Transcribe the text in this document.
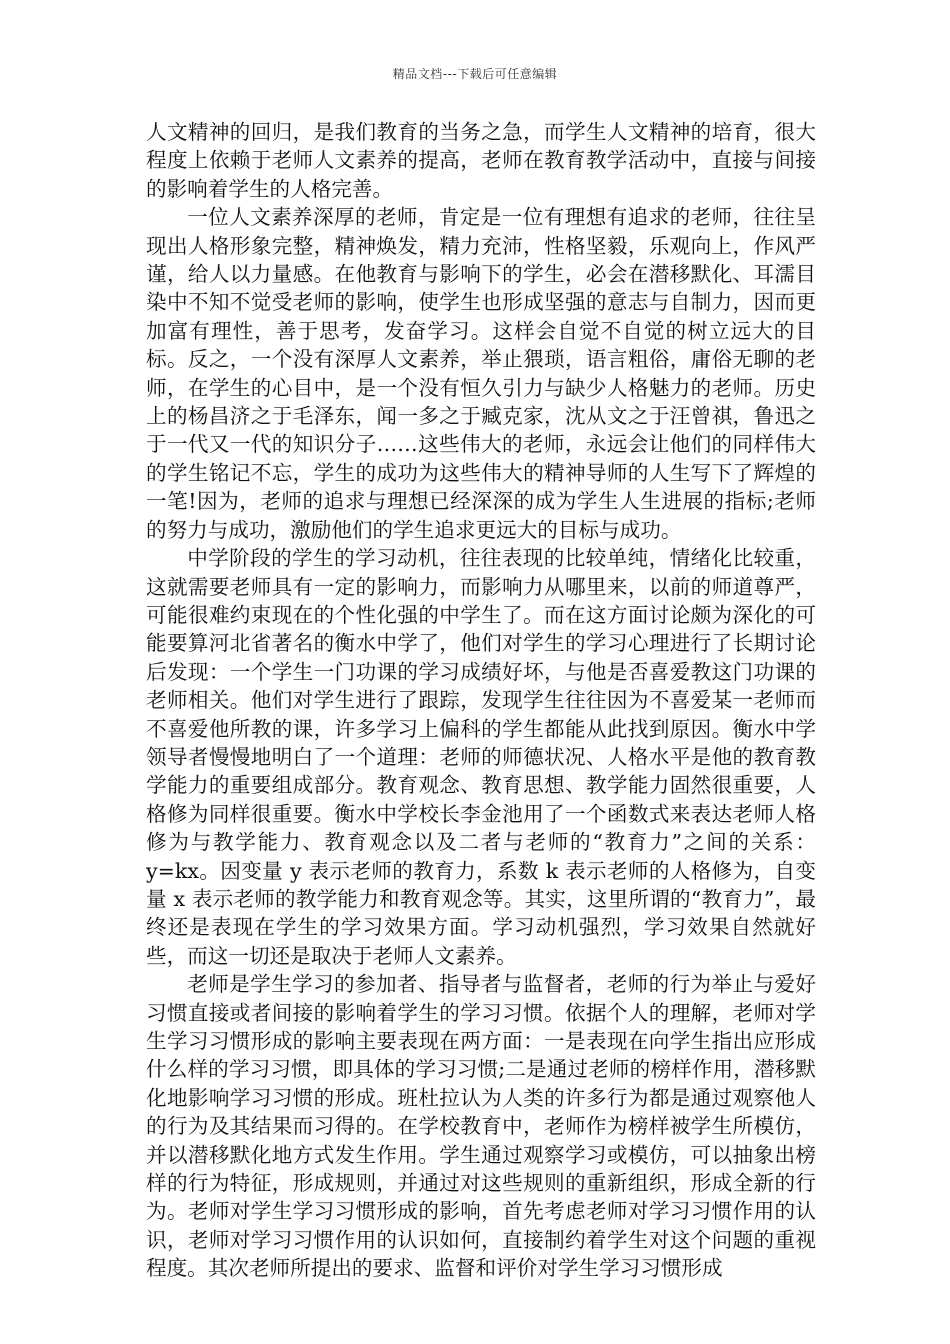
精品文档---下载后可任意编辑

人文精神的回归，是我们教育的当务之急，而学生人文精神的培育，很大程度上依赖于老师人文素养的提高，老师在教育教学活动中，直接与间接的影响着学生的人格完善。

一位人文素养深厚的老师，肯定是一位有理想有追求的老师，往往呈现出人格形象完整，精神焕发，精力充沛，性格坚毅，乐观向上，作风严谨，给人以力量感。在他教育与影响下的学生，必会在潜移默化、耳濡目染中不知不觉受老师的影响，使学生也形成坚强的意志与自制力，因而更加富有理性，善于思考，发奋学习。这样会自觉不自觉的树立远大的目标。反之，一个没有深厚人文素养，举止猥琐，语言粗俗，庸俗无聊的老师，在学生的心目中，是一个没有恒久引力与缺少人格魅力的老师。历史上的杨昌济之于毛泽东，闻一多之于臧克家，沈从文之于汪曾祺，鲁迅之于一代又一代的知识分子……这些伟大的老师，永远会让他们的同样伟大的学生铭记不忘，学生的成功为这些伟大的精神导师的人生写下了辉煌的一笔!因为，老师的追求与理想已经深深的成为学生人生进展的指标;老师的努力与成功，激励他们的学生追求更远大的目标与成功。

中学阶段的学生的学习动机，往往表现的比较单纯，情绪化比较重，这就需要老师具有一定的影响力，而影响力从哪里来，以前的师道尊严，可能很难约束现在的个性化强的中学生了。而在这方面讨论颇为深化的可能要算河北省著名的衡水中学了，他们对学生的学习心理进行了长期讨论后发现：一个学生一门功课的学习成绩好坏，与他是否喜爱教这门功课的老师相关。他们对学生进行了跟踪，发现学生往往因为不喜爱某一老师而不喜爱他所教的课，许多学习上偏科的学生都能从此找到原因。衡水中学领导者慢慢地明白了一个道理：老师的师德状况、人格水平是他的教育教学能力的重要组成部分。教育观念、教育思想、教学能力固然很重要，人格修为同样很重要。衡水中学校长李金池用了一个函数式来表达老师人格修为与教学能力、教育观念以及二者与老师的“教育力”之间的关系：y=kx。因变量 y 表示老师的教育力，系数 k 表示老师的人格修为，自变量 x 表示老师的教学能力和教育观念等。其实，这里所谓的“教育力”，最终还是表现在学生的学习效果方面。学习动机强烈，学习效果自然就好些，而这一切还是取决于老师人文素养。

老师是学生学习的参加者、指导者与监督者，老师的行为举止与爱好习惯直接或者间接的影响着学生的学习习惯。依据个人的理解，老师对学生学习习惯形成的影响主要表现在两方面：一是表现在向学生指出应形成什么样的学习习惯，即具体的学习习惯;二是通过老师的榜样作用，潜移默化地影响学习习惯的形成。班杜拉认为人类的许多行为都是通过观察他人的行为及其结果而习得的。在学校教育中，老师作为榜样被学生所模仿，并以潜移默化地方式发生作用。学生通过观察学习或模仿，可以抽象出榜样的行为特征，形成规则，并通过对这些规则的重新组织，形成全新的行为。老师对学生学习习惯形成的影响，首先考虑老师对学习习惯作用的认识，老师对学习习惯作用的认识如何，直接制约着学生对这个问题的重视程度。其次老师所提出的要求、监督和评价对学生学习习惯形成
